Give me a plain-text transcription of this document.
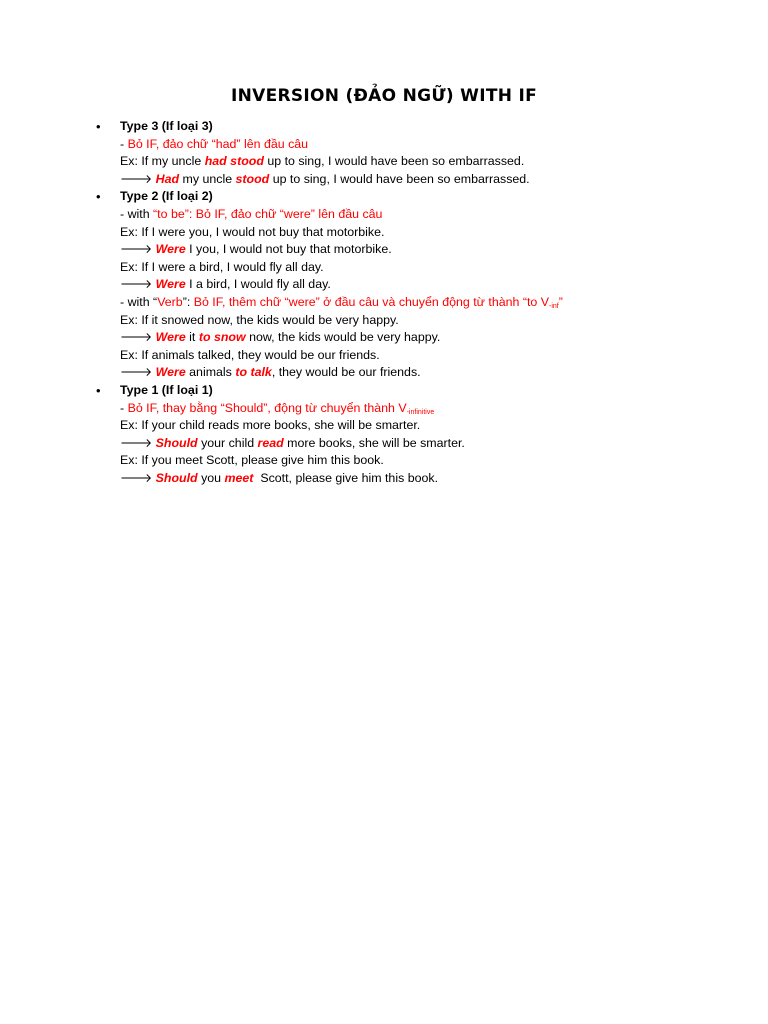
INVERSION (ĐẢO NGỮ) WITH IF
• Type 3 (If loại 3)
- Bỏ IF, đảo chữ “had” lên đầu câu
Ex: If my uncle had stood up to sing, I would have been so embarrassed.
🡒 Had my uncle stood up to sing, I would have been so embarrassed.
• Type 2 (If loại 2)
- with “to be”: Bỏ IF, đảo chữ “were” lên đầu câu
Ex: If I were you, I would not buy that motorbike.
🡒 Were I you, I would not buy that motorbike.
Ex: If I were a bird, I would fly all day.
🡒 Were I a bird, I would fly all day.
- with “Verb”: Bỏ IF, thêm chữ “were” ở đầu câu và chuyển động từ thành “to $V_{-inf}$”
Ex: If it snowed now, the kids would be very happy.
🡒 Were it to snow now, the kids would be very happy.
Ex: If animals talked, they would be our friends.
🡒 Were animals to talk, they would be our friends.
• Type 1 (If loại 1)
- Bỏ IF, thay bằng “Should”, động từ chuyển thành $V_{-infinitive}$
Ex: If your child reads more books, she will be smarter.
🡒 Should your child read more books, she will be smarter.
Ex: If you meet Scott, please give him this book.
🡒 Should you meet  Scott, please give him this book.
